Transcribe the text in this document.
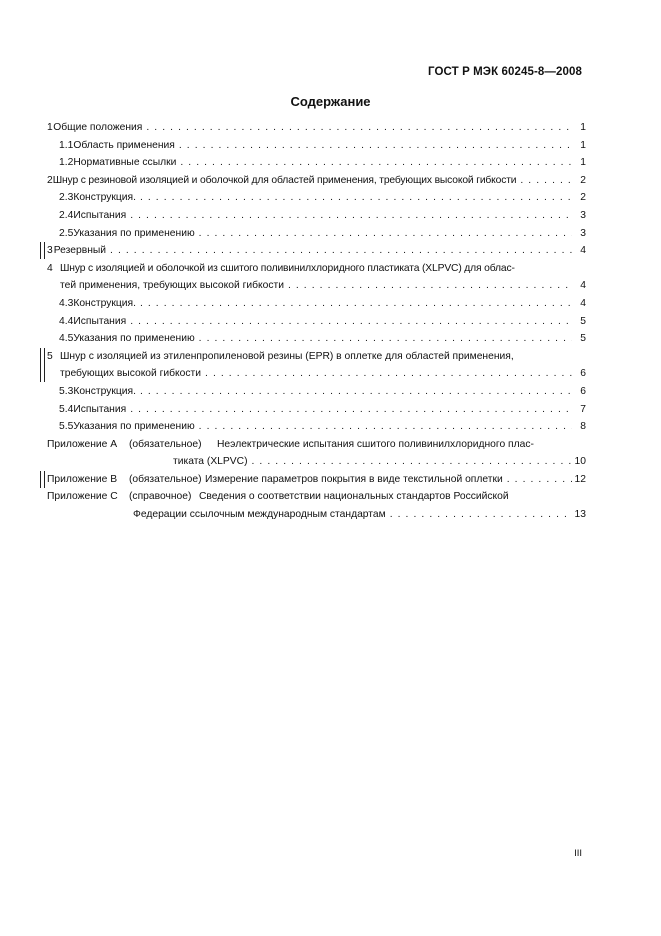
ГОСТ Р МЭК 60245-8—2008
Содержание
1 Общие положения . . .	1
1.1 Область применения . . .	1
1.2 Нормативные ссылки . . .	1
2 Шнур с резиновой изоляцией и оболочкой для областей применения, требующих высокой гибкости . . .	2
2.3 Конструкция. . . .	2
2.4 Испытания . . .	3
2.5 Указания по применению . . .	3
3 Резервный . . .	4
4 Шнур с изоляцией и оболочкой из сшитого поливинилхлоридного пластиката (XLPVC) для облас-
тей применения, требующих высокой гибкости . . .	4
4.3 Конструкция. . . .	4
4.4 Испытания . . .	5
4.5 Указания по применению . . .	5
5 Шнур с изоляцией из этиленпропиленовой резины (EPR) в оплетке для областей применения,
требующих высокой гибкости . . .	6
5.3 Конструкция. . . .	6
5.4 Испытания . . .	7
5.5 Указания по применению . . .	8
Приложение А	(обязательное)	Неэлектрические испытания сшитого поливинилхлоридного плас-
тиката (XLPVC) . . .	10
Приложение В	(обязательное) Измерение параметров покрытия в виде текстильной оплетки . . .	12
Приложение С	(справочное) Сведения о соответствии национальных стандартов Российской
Федерации ссылочным международным стандартам . . .	13
III
